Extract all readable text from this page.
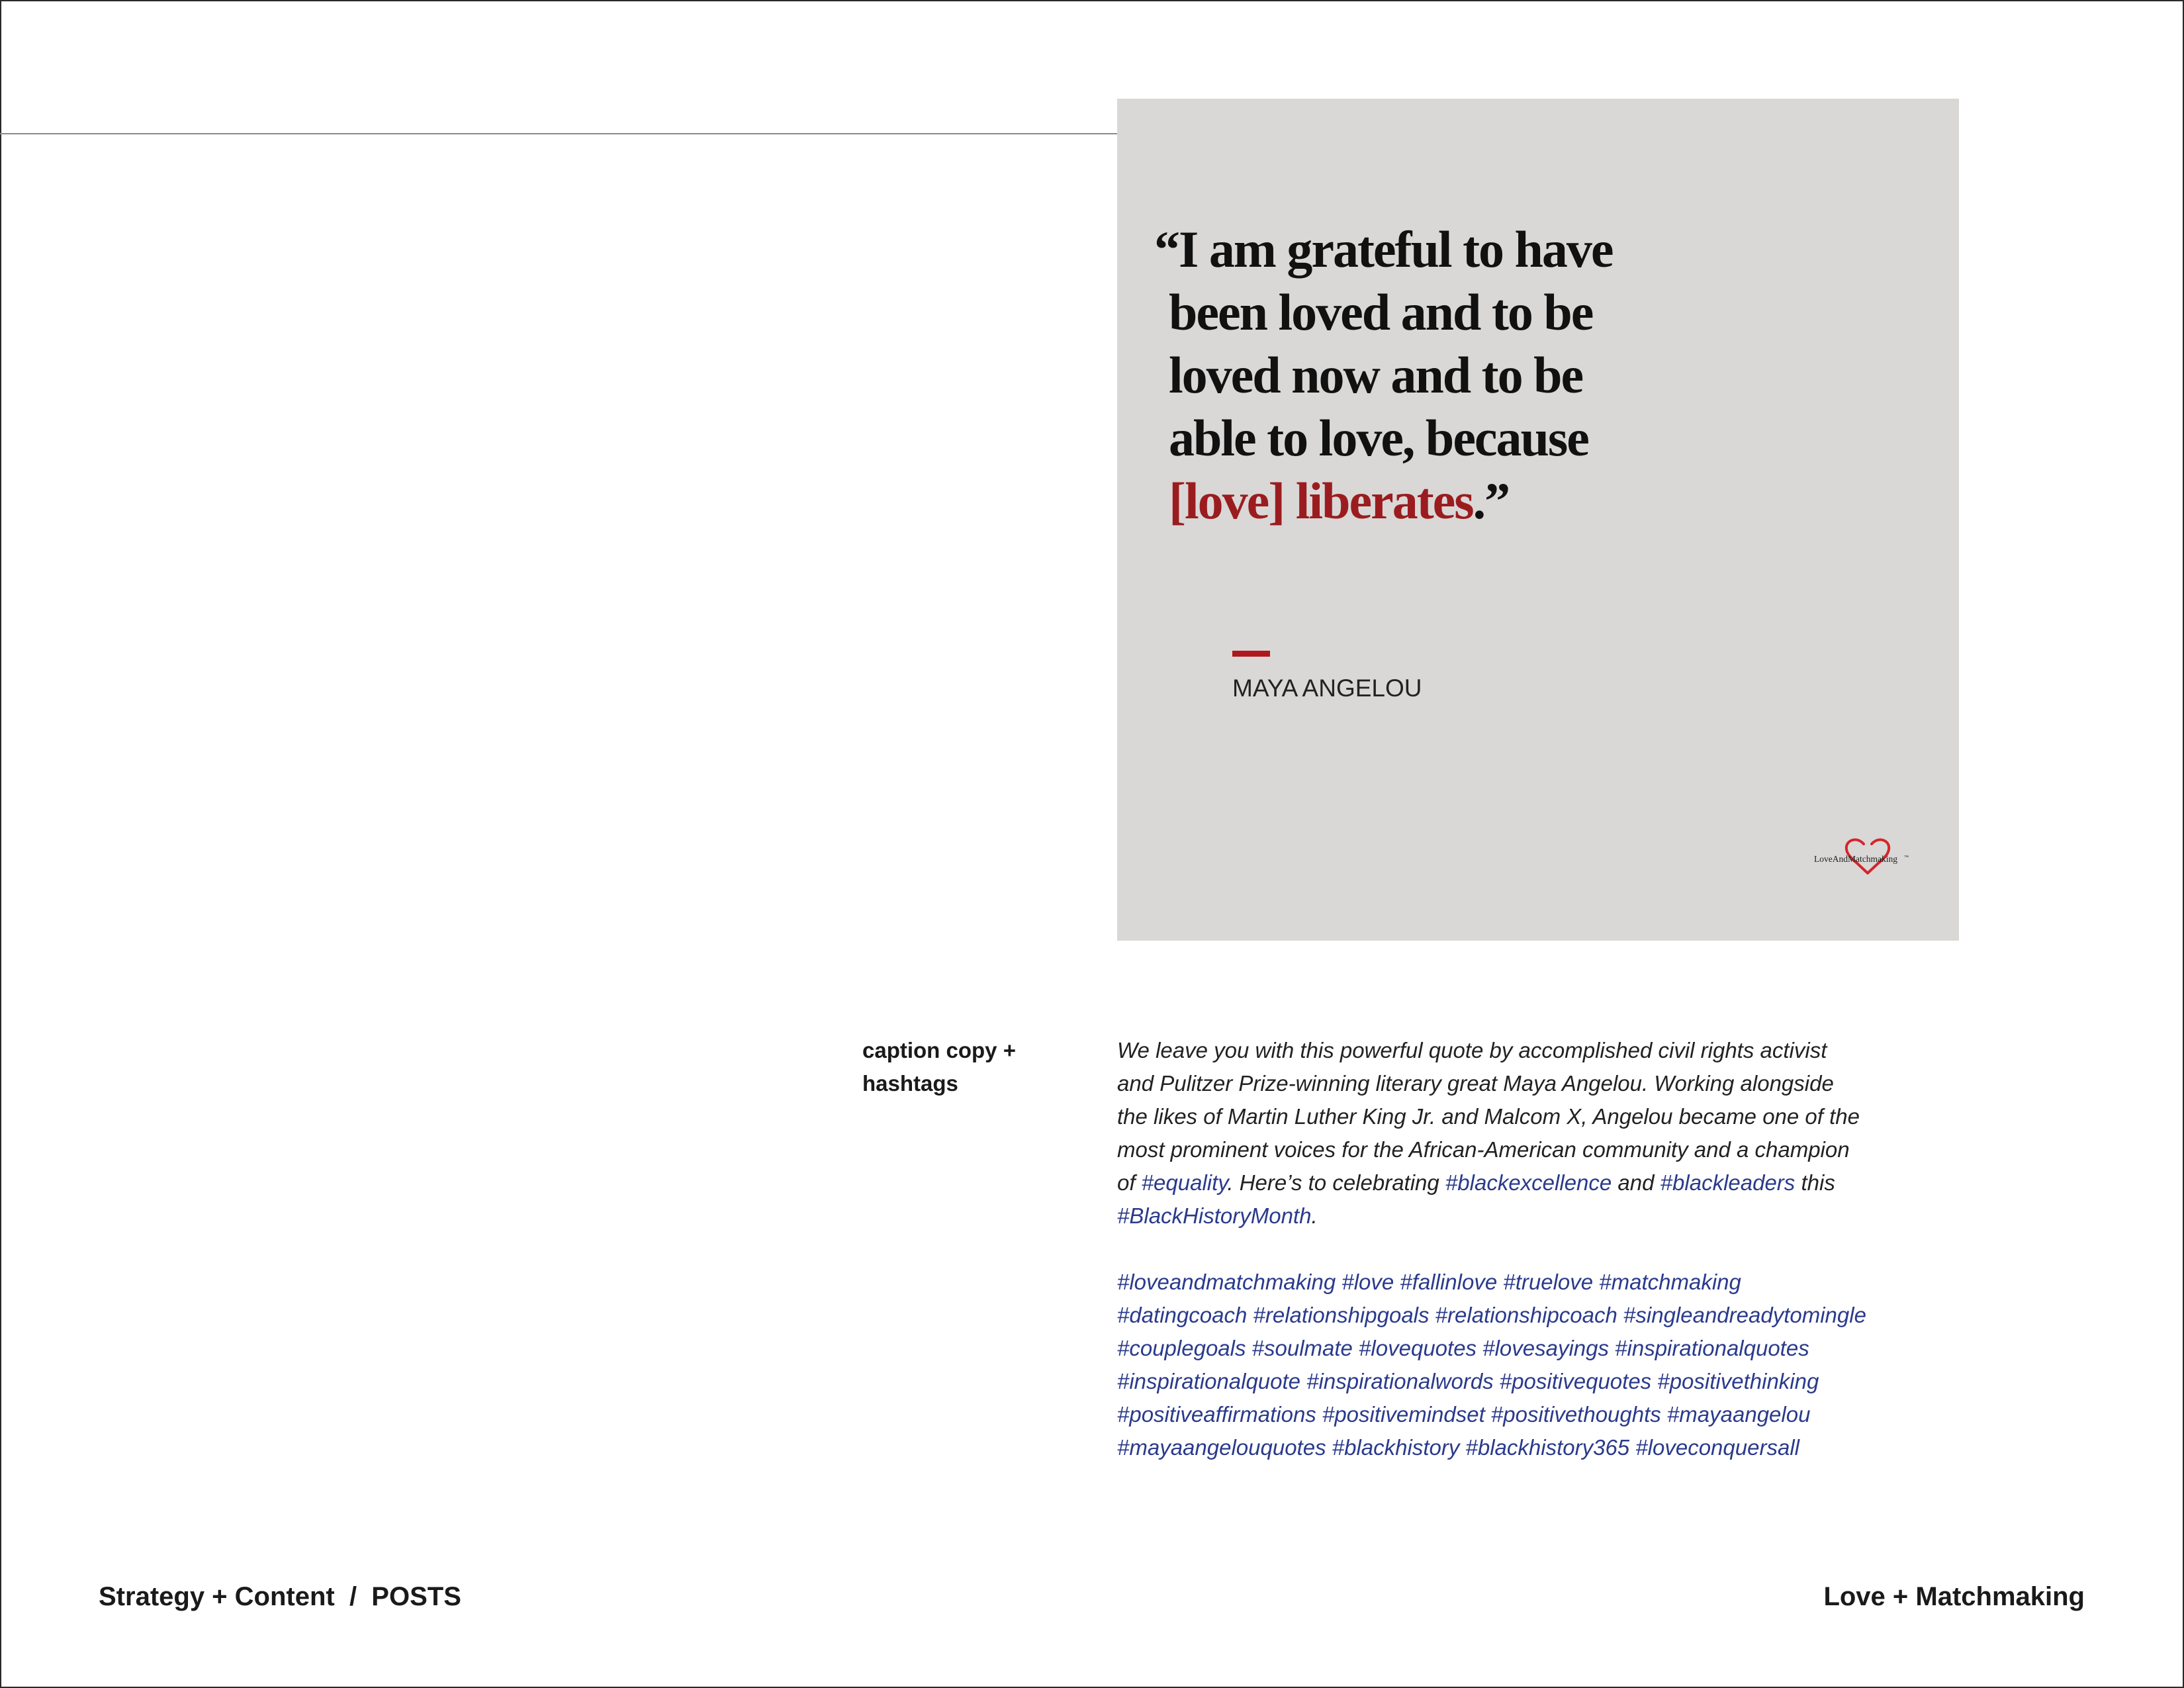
“I am grateful to have
been loved and to be
loved now and to be
able to love, because
[love] liberates.”

MAYA ANGELOU
LoveAndMatchmaking ™
caption copy + hashtags
We leave you with this powerful quote by accomplished civil rights activist
and Pulitzer Prize-winning literary great Maya Angelou. Working alongside
the likes of Martin Luther King Jr. and Malcom X, Angelou became one of the
most prominent voices for the African-American community and a champion
of #equality. Here’s to celebrating #blackexcellence and #blackleaders this
#BlackHistoryMonth.
#loveandmatchmaking #love #fallinlove #truelove #matchmaking
#datingcoach #relationshipgoals #relationshipcoach #singleandreadytomingle
#couplegoals #soulmate #lovequotes #lovesayings #inspirationalquotes
#inspirationalquote #inspirationalwords #positivequotes #positivethinking
#positiveaffirmations #positivemindset #positivethoughts #mayaangelou
#mayaangelouquotes #blackhistory #blackhistory365 #loveconquersall
Strategy + Content  /  POSTS	Love + Matchmaking
